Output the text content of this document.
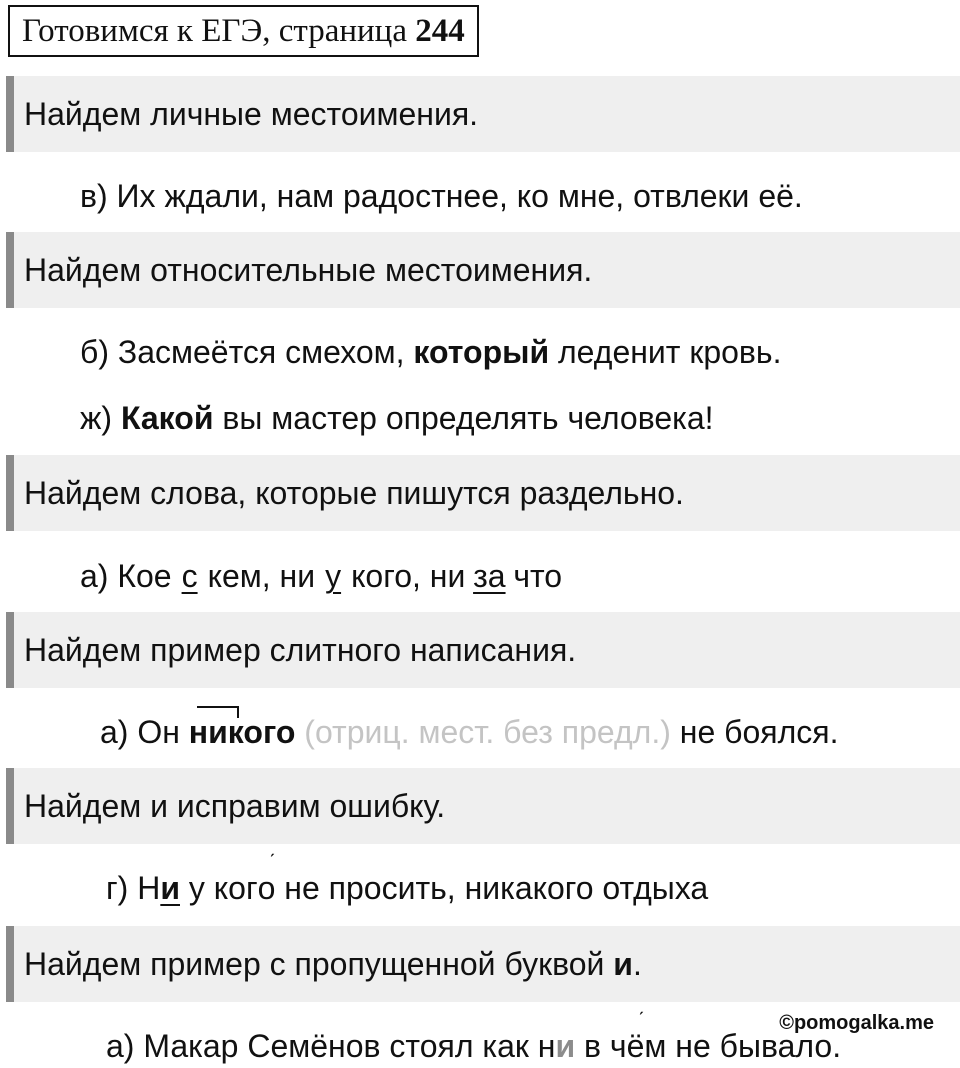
Готовимся к ЕГЭ, страница 244
Найдем личные местоимения.
в) Их ждали, нам радостнее, ко мне, отвлеки её.
Найдем относительные местоимения.
б) Засмеётся смехом, который леденит кровь.
ж) Какой вы мастер определять человека!
Найдем слова, которые пишутся раздельно.
а) Кое с кем, ни у кого, ни за что
Найдем пример слитного написания.
а) Он никого
(отриц. мест. без предл.) не боялся.
Найдем и исправим ошибку.
г) Ни у кого
не просить, никакого отдыха
Найдем пример с пропущенной буквой и.
а) Макар Семёнов стоял как ни в чё
м не бывало.
©pomogalka.me
